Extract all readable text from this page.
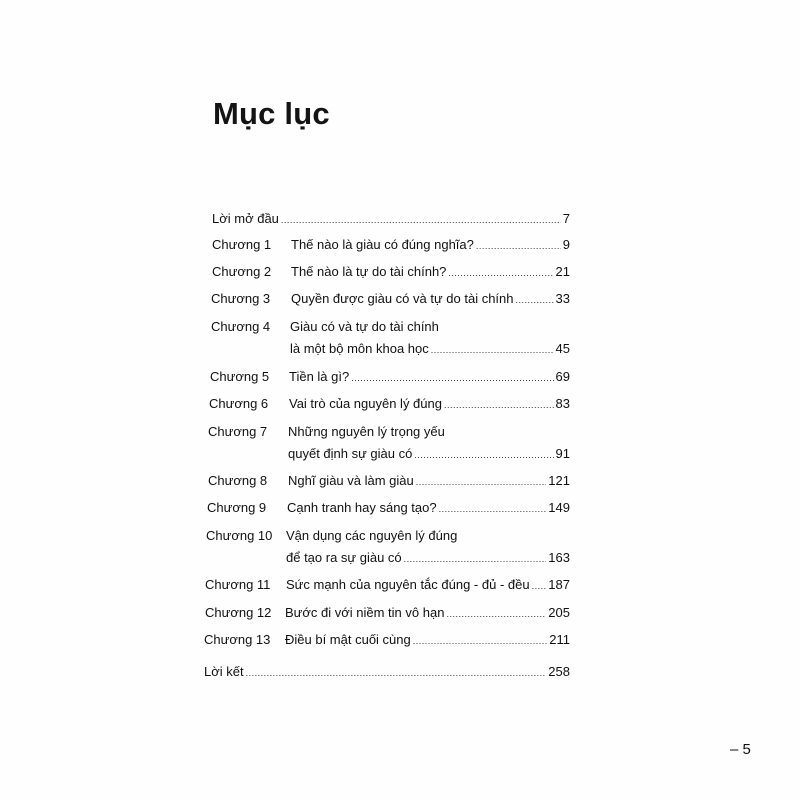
Mục lục
Lời mở đầu .....	7
Chương 1 Thế nào là giàu có đúng nghĩa? .....	9
Chương 2 Thế nào là tự do tài chính? .....	21
Chương 3 Quyền được giàu có và tự do tài chính .....	33
Chương 4 Giàu có và tự do tài chính
là một bộ môn khoa học .....	45
Chương 5 Tiền là gì? .....	69
Chương 6 Vai trò của nguyên lý đúng .....	83
Chương 7 Những nguyên lý trọng yếu
quyết định sự giàu có .....	91
Chương 8 Nghĩ giàu và làm giàu .....	121
Chương 9 Cạnh tranh hay sáng tạo? .....	149
Chương 10 Vận dụng các nguyên lý đúng
để tạo ra sự giàu có .....	163
Chương 11 Sức mạnh của nguyên tắc đúng - đủ - đều ..... 187
Chương 12 Bước đi với niềm tin vô hạn .....	205
Chương 13 Điều bí mật cuối cùng .....	211
Lời kết .....	258
– 5
